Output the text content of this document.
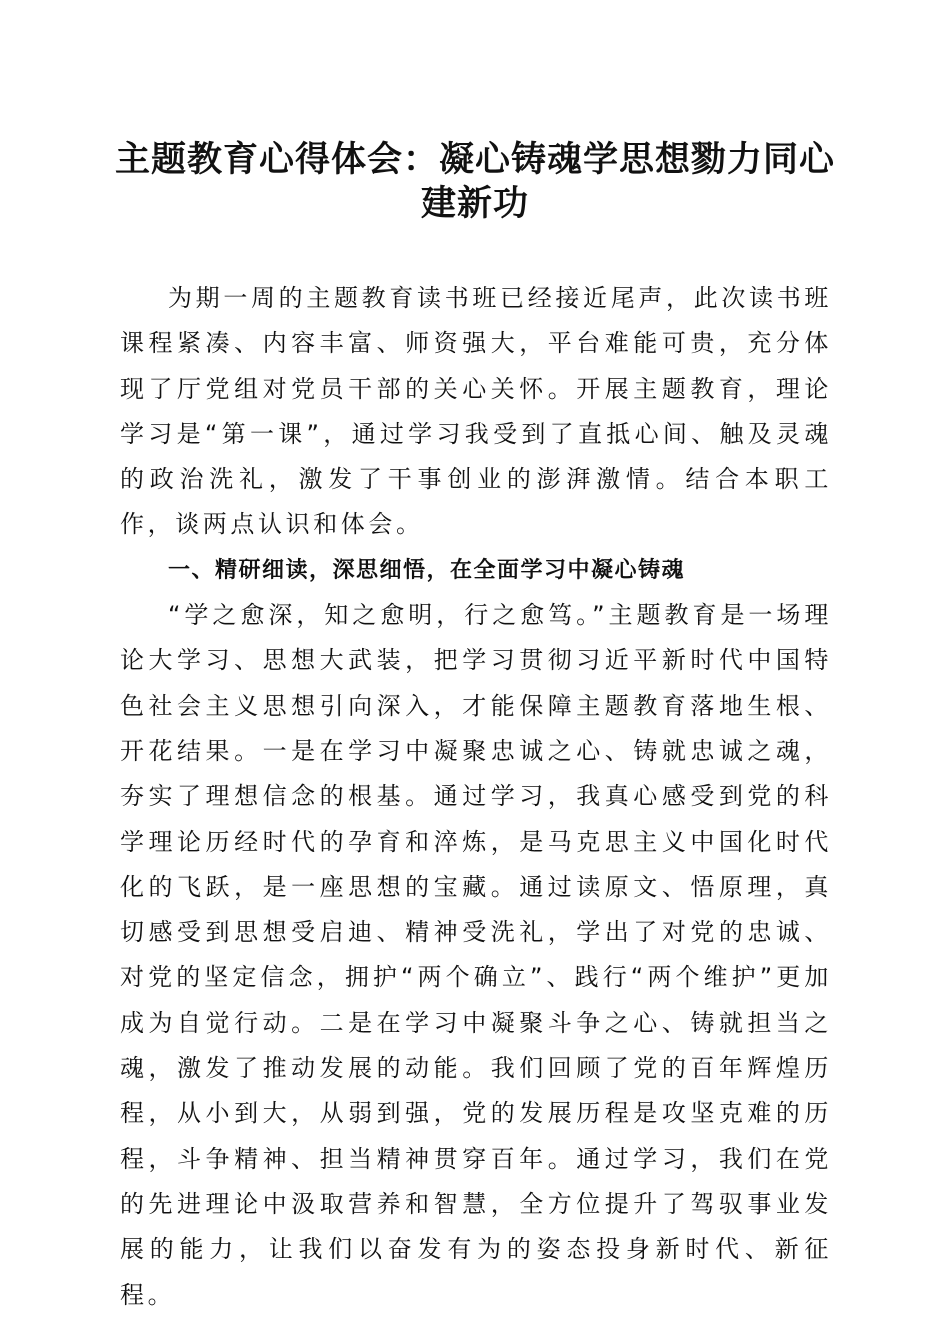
主题教育心得体会：凝心铸魂学思想勠力同心建新功

为期一周的主题教育读书班已经接近尾声，此次读书班课程紧凑、内容丰富、师资强大，平台难能可贵，充分体现了厅党组对党员干部的关心关怀。开展主题教育，理论学习是“第一课”，通过学习我受到了直抵心间、触及灵魂的政治洗礼，激发了干事创业的澎湃激情。结合本职工作，谈两点认识和体会。

一、精研细读，深思细悟，在全面学习中凝心铸魂

“学之愈深，知之愈明，行之愈笃。”主题教育是一场理论大学习、思想大武装，把学习贯彻习近平新时代中国特色社会主义思想引向深入，才能保障主题教育落地生根、开花结果。一是在学习中凝聚忠诚之心、铸就忠诚之魂，夯实了理想信念的根基。通过学习，我真心感受到党的科学理论历经时代的孕育和淬炼，是马克思主义中国化时代化的飞跃，是一座思想的宝藏。通过读原文、悟原理，真切感受到思想受启迪、精神受洗礼，学出了对党的忠诚、对党的坚定信念，拥护“两个确立”、践行“两个维护”更加成为自觉行动。二是在学习中凝聚斗争之心、铸就担当之魂，激发了推动发展的动能。我们回顾了党的百年辉煌历程，从小到大，从弱到强，党的发展历程是攻坚克难的历程，斗争精神、担当精神贯穿百年。通过学习，我们在党的先进理论中汲取营养和智慧，全方位提升了驾驭事业发展的能力，让我们以奋发有为的姿态投身新时代、新征程。
